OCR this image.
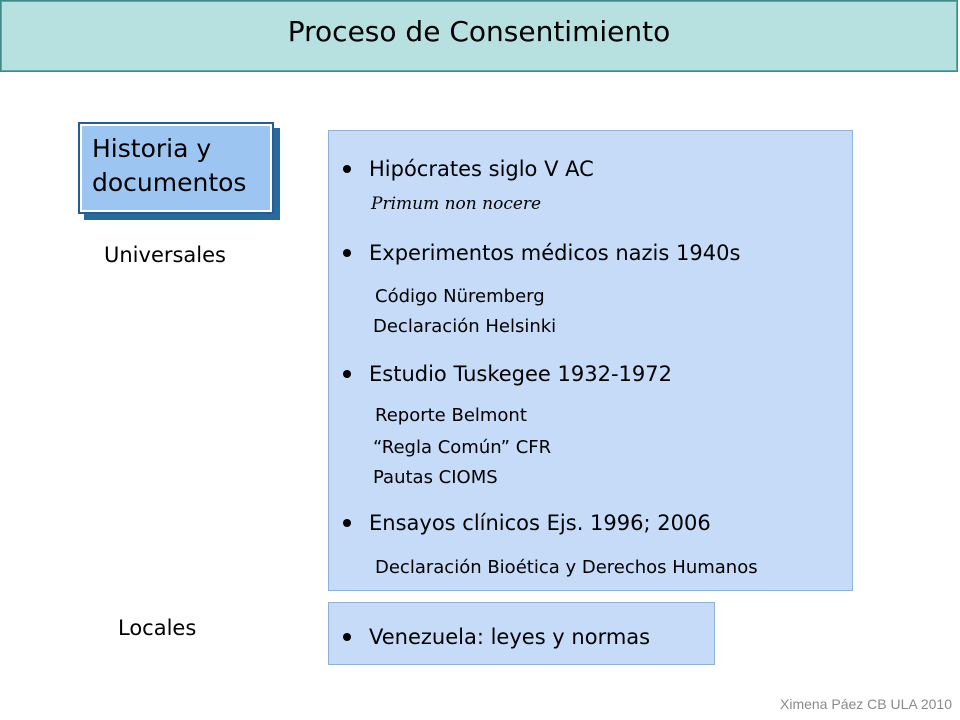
Proceso de Consentimiento
Historia y
documentos
Universales
Locales
Hipócrates siglo V AC
Primum non nocere
Experimentos médicos nazis 1940s
Código Nüremberg
Declaración Helsinki
Estudio Tuskegee 1932-1972
Reporte Belmont
“Regla Común” CFR
Pautas CIOMS
Ensayos clínicos Ejs. 1996; 2006
Declaración Bioética y Derechos Humanos
Venezuela: leyes y normas
Ximena Páez CB ULA 2010
